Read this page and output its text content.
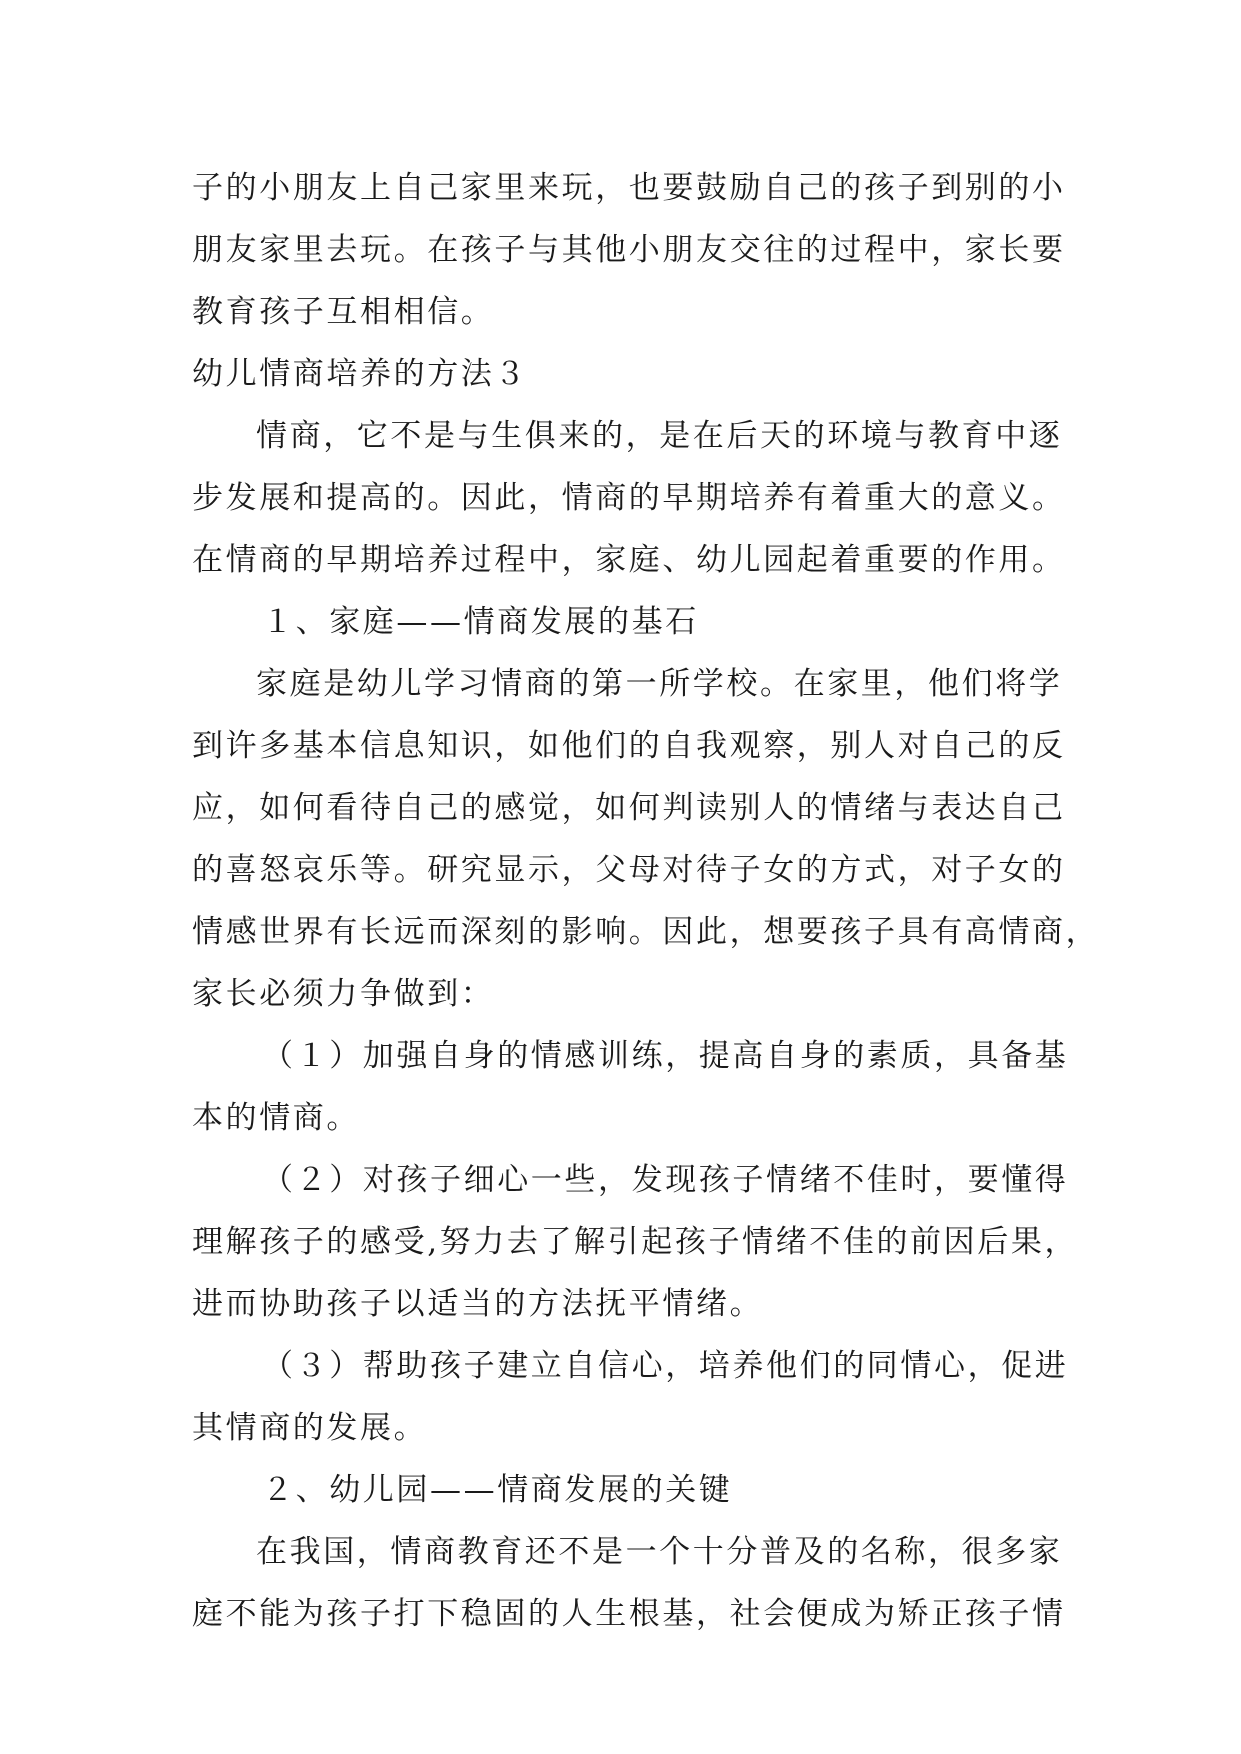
子的小朋友上自己家里来玩，也要鼓励自己的孩子到别的小
朋友家里去玩。在孩子与其他小朋友交往的过程中，家长要
教育孩子互相相信。
幼儿情商培养的方法３
情商，它不是与生俱来的，是在后天的环境与教育中逐
步发展和提高的。因此，情商的早期培养有着重大的意义。
在情商的早期培养过程中，家庭、幼儿园起着重要的作用。
１、家庭——情商发展的基石
家庭是幼儿学习情商的第一所学校。在家里，他们将学
到许多基本信息知识，如他们的自我观察，别人对自己的反
应，如何看待自己的感觉，如何判读别人的情绪与表达自己
的喜怒哀乐等。研究显示，父母对待子女的方式，对子女的
情感世界有长远而深刻的影响。因此，想要孩子具有高情商，
家长必须力争做到：
（１）加强自身的情感训练，提高自身的素质，具备基
本的情商。
（２）对孩子细心一些，发现孩子情绪不佳时，要懂得
理解孩子的感受,努力去了解引起孩子情绪不佳的前因后果，
进而协助孩子以适当的方法抚平情绪。
（３）帮助孩子建立自信心，培养他们的同情心，促进
其情商的发展。
２、幼儿园——情商发展的关键
在我国，情商教育还不是一个十分普及的名称，很多家
庭不能为孩子打下稳固的人生根基，社会便成为矫正孩子情
